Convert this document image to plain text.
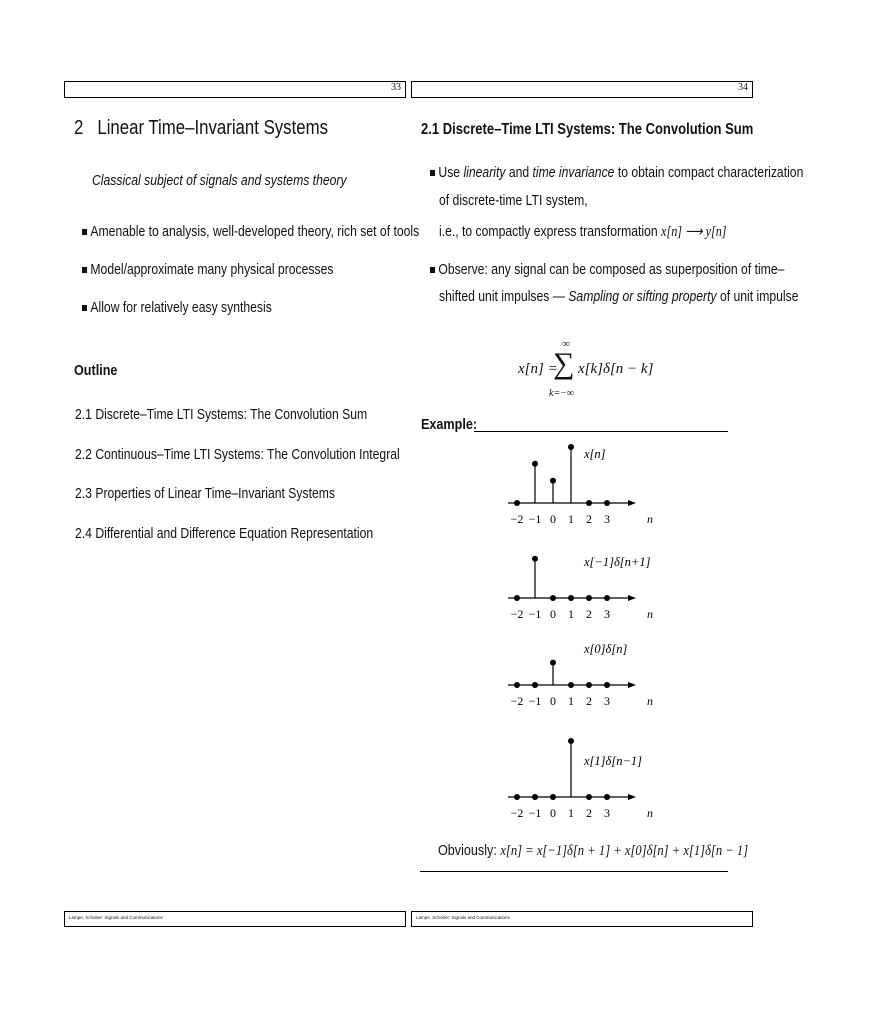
33	34
2 Linear Time–Invariant Systems
Classical subject of signals and systems theory
Amenable to analysis, well-developed theory, rich set of tools
Model/approximate many physical processes
Allow for relatively easy synthesis
Outline
2.1 Discrete–Time LTI Systems: The Convolution Sum
2.2 Continuous–Time LTI Systems: The Convolution Integral
2.3 Properties of Linear Time–Invariant Systems
2.4 Differential and Difference Equation Representation
2.1 Discrete–Time LTI Systems: The Convolution Sum
Use linearity and time invariance to obtain compact characterization
of discrete-time LTI system,
i.e., to compactly express transformation x[n] ⟶ y[n]
Observe: any signal can be composed as superposition of time–
shifted unit impulses — Sampling or sifting property of unit impulse
x[n] =
∞
∑
k=−∞
x[k]δ[n − k]
Example:
−2 −1 0 1 2 3	n
x[n]
−2 −1 0 1 2 3	n
x[−1]δ[n+1]
−2 −1 0 1 2 3	n
x[0]δ[n]
−2 −1 0 1 2 3	n
x[1]δ[n−1]
Obviously: x[n] = x[−1]δ[n + 1] + x[0]δ[n] + x[1]δ[n − 1]
Lampe, Schober: Signals and Communications	Lampe, Schober: Signals and Communications
